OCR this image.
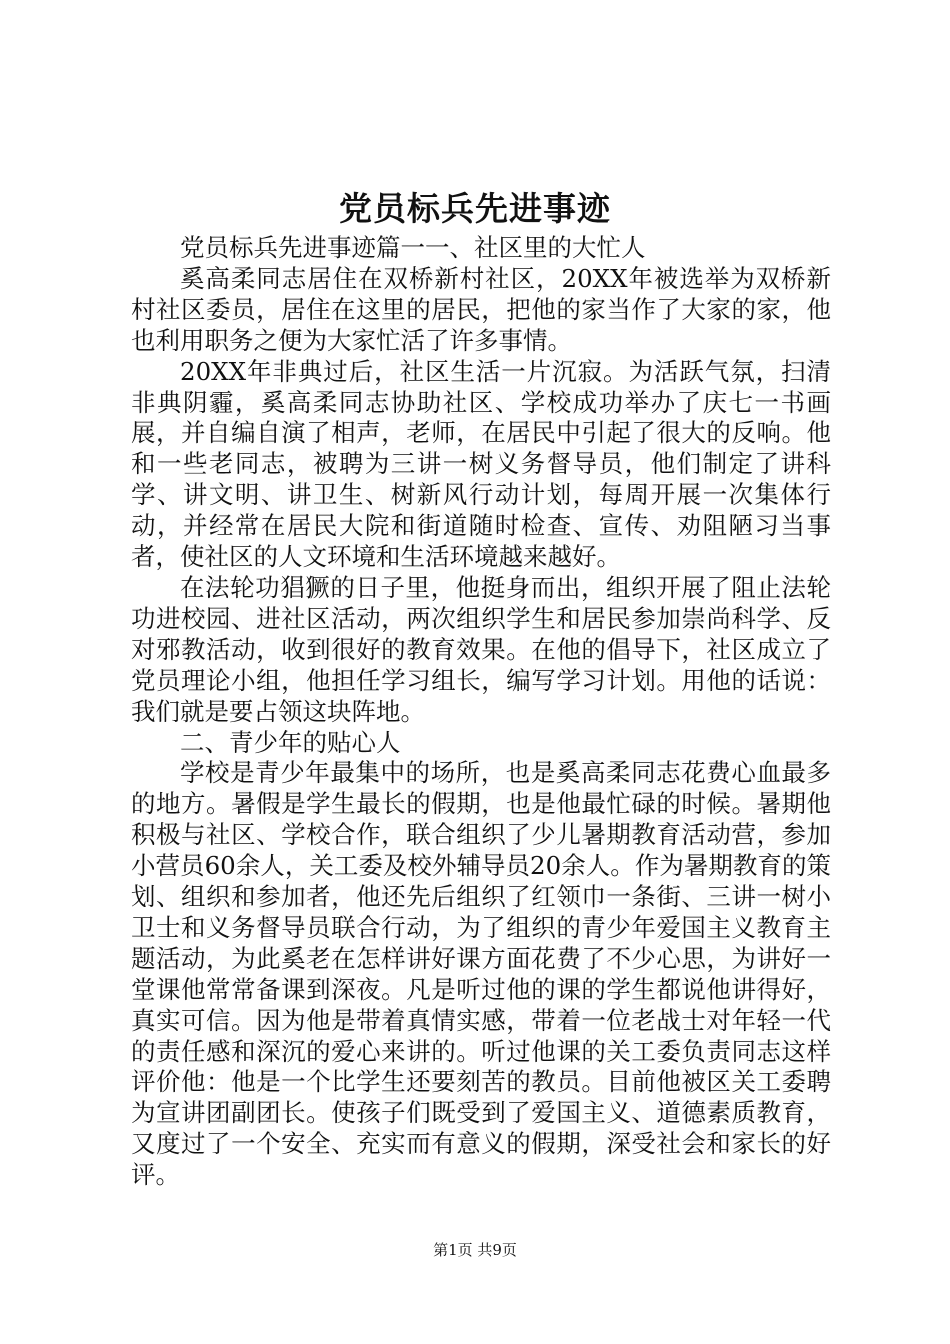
党员标兵先进事迹

党员标兵先进事迹篇一一、社区里的大忙人

奚高柔同志居住在双桥新村社区，20XX年被选举为双桥新村社区委员，居住在这里的居民，把他的家当作了大家的家，他也利用职务之便为大家忙活了许多事情。

20XX年非典过后，社区生活一片沉寂。为活跃气氛，扫清非典阴霾，奚高柔同志协助社区、学校成功举办了庆七一书画展，并自编自演了相声，老师，在居民中引起了很大的反响。他和一些老同志，被聘为三讲一树义务督导员，他们制定了讲科学、讲文明、讲卫生、树新风行动计划，每周开展一次集体行动，并经常在居民大院和街道随时检查、宣传、劝阻陋习当事者，使社区的人文环境和生活环境越来越好。

在法轮功猖獗的日子里，他挺身而出，组织开展了阻止法轮功进校园、进社区活动，两次组织学生和居民参加崇尚科学、反对邪教活动，收到很好的教育效果。在他的倡导下，社区成立了党员理论小组，他担任学习组长，编写学习计划。用他的话说：我们就是要占领这块阵地。

二、青少年的贴心人

学校是青少年最集中的场所，也是奚高柔同志花费心血最多的地方。暑假是学生最长的假期，也是他最忙碌的时候。暑期他积极与社区、学校合作，联合组织了少儿暑期教育活动营，参加小营员60余人，关工委及校外辅导员20余人。作为暑期教育的策划、组织和参加者，他还先后组织了红领巾一条街、三讲一树小卫士和义务督导员联合行动，为了组织的青少年爱国主义教育主题活动，为此奚老在怎样讲好课方面花费了不少心思，为讲好一堂课他常常备课到深夜。凡是听过他的课的学生都说他讲得好，真实可信。因为他是带着真情实感，带着一位老战士对年轻一代的责任感和深沉的爱心来讲的。听过他课的关工委负责同志这样评价他：他是一个比学生还要刻苦的教员。目前他被区关工委聘为宣讲团副团长。使孩子们既受到了爱国主义、道德素质教育，又度过了一个安全、充实而有意义的假期，深受社会和家长的好评。

第1页 共9页
